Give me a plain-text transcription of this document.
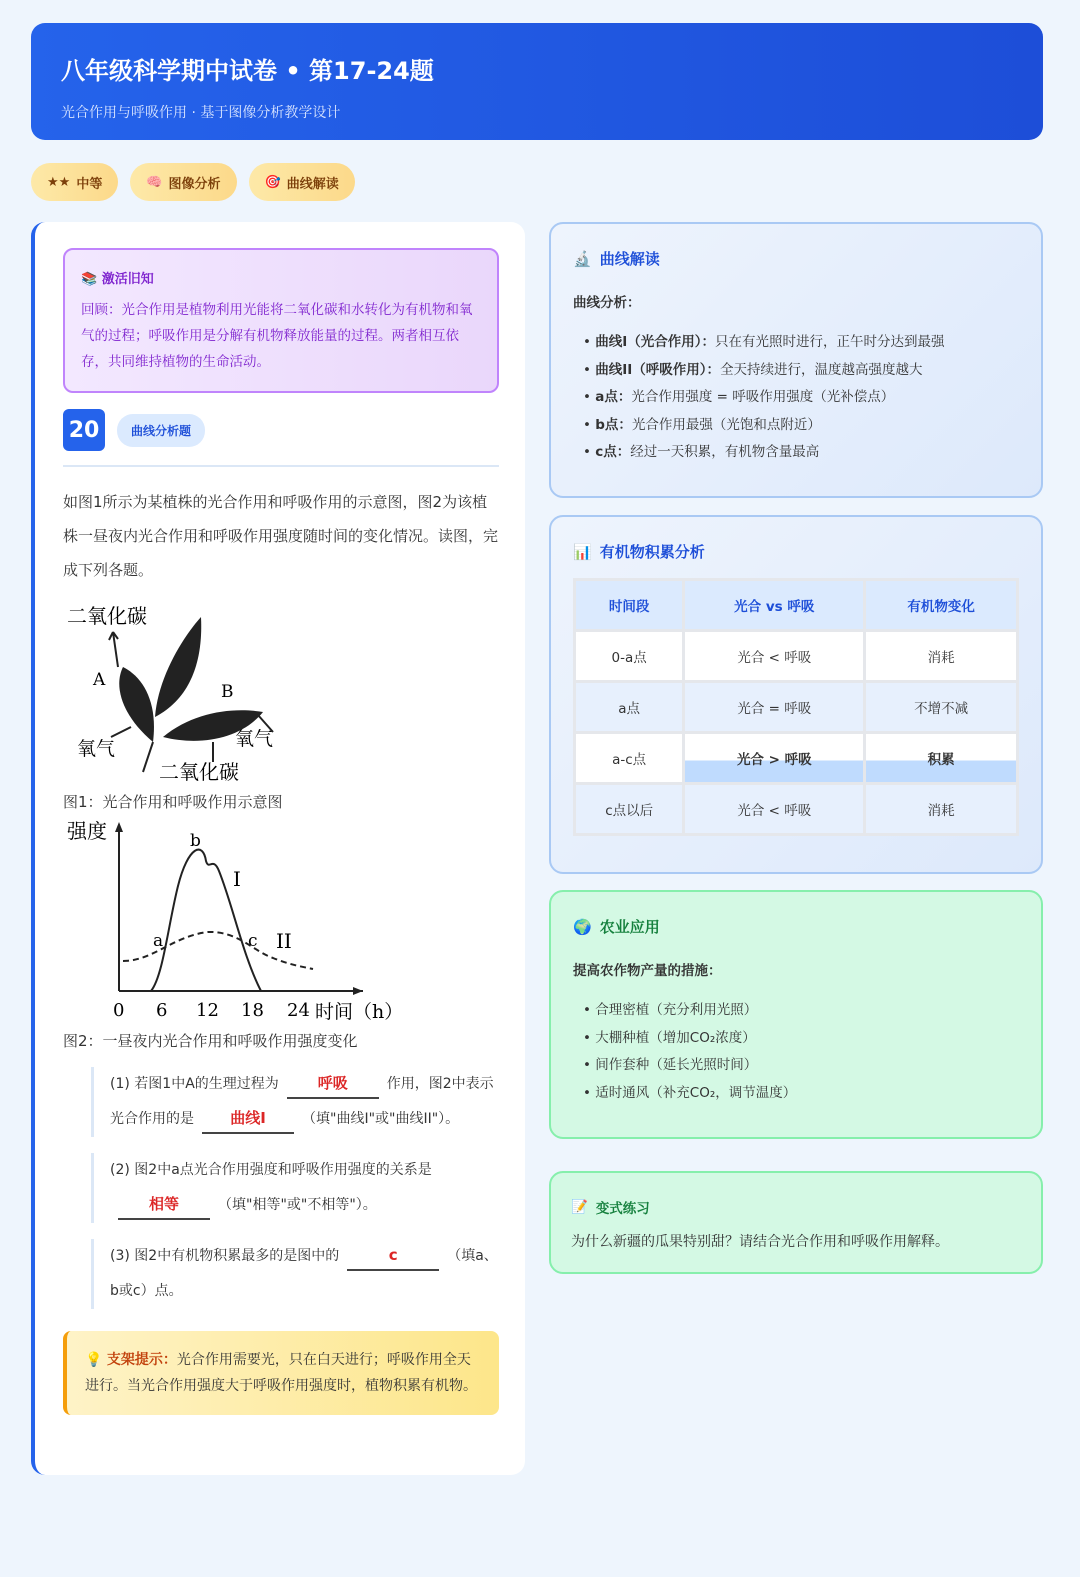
八年级科学期中试卷 • 第17-24题
光合作用与呼吸作用 · 基于图像分析教学设计
★★ 中等	🧠 图像分析	🎯 曲线解读
📚 激活旧知

回顾：光合作用是植物利用光能将二氧化碳和水转化为有机物和氧气的过程；呼吸作用是分解有机物释放能量的过程。两者相互依存，共同维持植物的生命活动。

20	曲线分析题
如图1所示为某植株的光合作用和呼吸作用的示意图，图2为该植株一昼夜内光合作用和呼吸作用强度随时间的变化情况。读图，完成下列各题。
二氧化碳
A
B
氧气	氧气
二氧化碳
图1：光合作用和呼吸作用示意图
强度
时间（h）
0 6 12 18 24
a
b
c
I
II
图2：一昼夜内光合作用和呼吸作用强度变化
(1) 若图1中A的生理过程为	呼吸	作用，图2中表示光合作用的是 曲线I	（填"曲线I"或"曲线II"）。
(2) 图2中a点光合作用强度和呼吸作用强度的关系是
相等	（填"相等"或"不相等"）。
(3) 图2中有机物积累最多的是图中的	c	（填a、b或c）点。
💡 支架提示：光合作用需要光，只在白天进行；呼吸作用全天进行。当光合作用强度大于呼吸作用强度时，植物积累有机物。
🔬 曲线解读
曲线分析：
• 曲线I（光合作用）：只在有光照时进行，正午时分达到最强
• 曲线II（呼吸作用）：全天持续进行，温度越高强度越大
• a点：光合作用强度 = 呼吸作用强度（光补偿点）
• b点：光合作用最强（光饱和点附近）
• c点：经过一天积累，有机物含量最高
📊 有机物积累分析
时间段	光合 vs 呼吸	有机物变化
0-a点	光合 < 呼吸	消耗
a点	光合 = 呼吸	不增不减
a-c点	光合 > 呼吸	积累
c点以后	光合 < 呼吸	消耗
🌍 农业应用
提高农作物产量的措施：
• 合理密植（充分利用光照）
• 大棚种植（增加CO₂浓度）
• 间作套种（延长光照时间）
• 适时通风（补充CO₂，调节温度）
📝 变式练习
为什么新疆的瓜果特别甜？请结合光合作用和呼吸作用解释。
